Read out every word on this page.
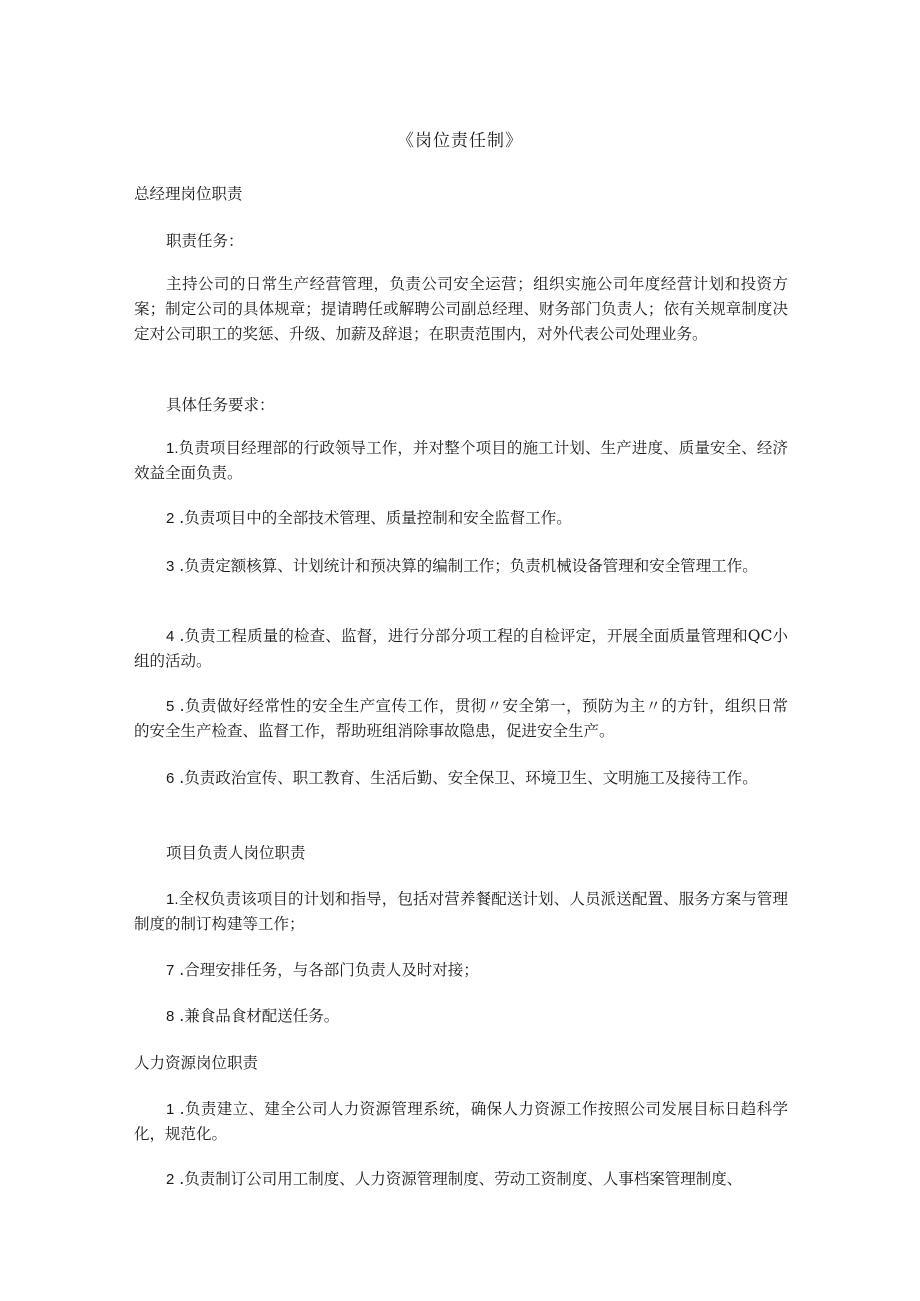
《岗位责任制》
总经理岗位职责
职责任务：
主持公司的日常生产经营管理，负责公司安全运营；组织实施公司年度经营计划和投资方案；制定公司的具体规章；提请聘任或解聘公司副总经理、财务部门负责人；依有关规章制度决定对公司职工的奖惩、升级、加薪及辞退；在职责范围内，对外代表公司处理业务。
具体任务要求：
1.负责项目经理部的行政领导工作，并对整个项目的施工计划、生产进度、质量安全、经济效益全面负责。
2 .负责项目中的全部技术管理、质量控制和安全监督工作。
3 .负责定额核算、计划统计和预决算的编制工作；负责机械设备管理和安全管理工作。
4 .负责工程质量的检查、监督，进行分部分项工程的自检评定，开展全面质量管理和QC小组的活动。
5 .负责做好经常性的安全生产宣传工作，贯彻〃安全第一，预防为主〃的方针，组织日常的安全生产检查、监督工作，帮助班组消除事故隐患，促进安全生产。
6 .负责政治宣传、职工教育、生活后勤、安全保卫、环境卫生、文明施工及接待工作。
项目负责人岗位职责
1.全权负责该项目的计划和指导，包括对营养餐配送计划、人员派送配置、服务方案与管理制度的制订构建等工作；
7 .合理安排任务，与各部门负责人及时对接；
8 .兼食品食材配送任务。
人力资源岗位职责
1 .负责建立、建全公司人力资源管理系统，确保人力资源工作按照公司发展目标日趋科学化，规范化。
2 .负责制订公司用工制度、人力资源管理制度、劳动工资制度、人事档案管理制度、
